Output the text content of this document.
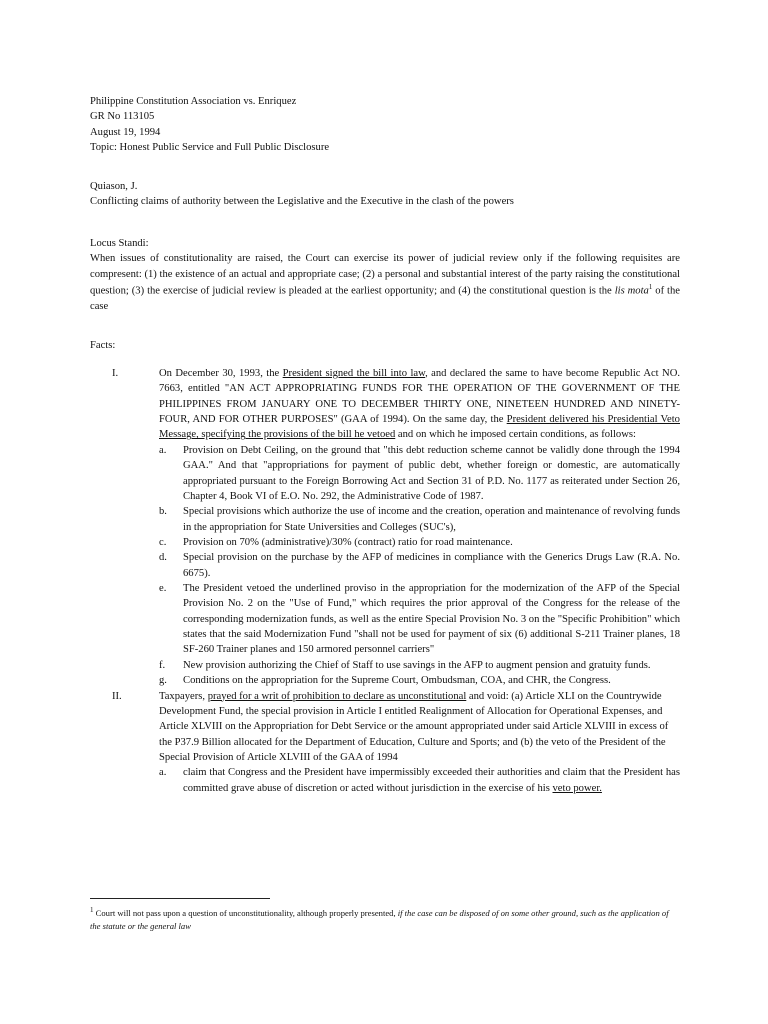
Philippine Constitution Association vs. Enriquez

GR No 113105

August 19, 1994

Topic: Honest Public Service and Full Public Disclosure

Quiason, J.

Conflicting claims of authority between the Legislative and the Executive in the clash of the powers

Locus Standi:

When issues of constitutionality are raised, the Court can exercise its power of judicial review only if the following requisites are compresent: (1) the existence of an actual and appropriate case; (2) a personal and substantial interest of the party raising the constitutional question; (3) the exercise of judicial review is pleaded at the earliest opportunity; and (4) the constitutional question is the lis mota$^1$ of the case

Facts:

I.	On December 30, 1993, the President signed the bill into law, and declared the same to have become Republic Act NO. 7663, entitled "AN ACT APPROPRIATING FUNDS FOR THE OPERATION OF THE GOVERNMENT OF THE PHILIPPINES FROM JANUARY ONE TO DECEMBER THIRTY ONE, NINETEEN HUNDRED AND NINETY-FOUR, AND FOR OTHER PURPOSES" (GAA of 1994). On the same day, the President delivered his Presidential Veto Message, specifying the provisions of the bill he vetoed and on which he imposed certain conditions, as follows:

a.	Provision on Debt Ceiling, on the ground that "this debt reduction scheme cannot be validly done through the 1994 GAA." And that "appropriations for payment of public debt, whether foreign or domestic, are automatically appropriated pursuant to the Foreign Borrowing Act and Section 31 of P.D. No. 1177 as reiterated under Section 26, Chapter 4, Book VI of E.O. No. 292, the Administrative Code of 1987.
b.	Special provisions which authorize the use of income and the creation, operation and maintenance of revolving funds in the appropriation for State Universities and Colleges (SUC's),
c.	Provision on 70% (administrative)/30% (contract) ratio for road maintenance.
d.	Special provision on the purchase by the AFP of medicines in compliance with the Generics Drugs Law (R.A. No. 6675).
e.	The President vetoed the underlined proviso in the appropriation for the modernization of the AFP of the Special Provision No. 2 on the "Use of Fund," which requires the prior approval of the Congress for the release of the corresponding modernization funds, as well as the entire Special Provision No. 3 on the "Specific Prohibition" which states that the said Modernization Fund "shall not be used for payment of six (6) additional S-211 Trainer planes, 18 SF-260 Trainer planes and 150 armored personnel carriers"
f.	New provision authorizing the Chief of Staff to use savings in the AFP to augment pension and gratuity funds.
g.	Conditions on the appropriation for the Supreme Court, Ombudsman, COA, and CHR, the Congress.
II.	Taxpayers, prayed for a writ of prohibition to declare as unconstitutional and void: (a) Article XLI on the Countrywide Development Fund, the special provision in Article I entitled Realignment of Allocation for Operational Expenses, and Article XLVIII on the Appropriation for Debt Service or the amount appropriated under said Article XLVIII in excess of the P37.9 Billion allocated for the Department of Education, Culture and Sports; and (b) the veto of the President of the Special Provision of Article XLVIII of the GAA of 1994

a.	claim that Congress and the President have impermissibly exceeded their authorities and claim that the President has committed grave abuse of discretion or acted without jurisdiction in the exercise of his veto power.
$^1$ Court will not pass upon a question of unconstitutionality, although properly presented, if the case can be disposed of on some other ground, such as the application of the statute or the general law
